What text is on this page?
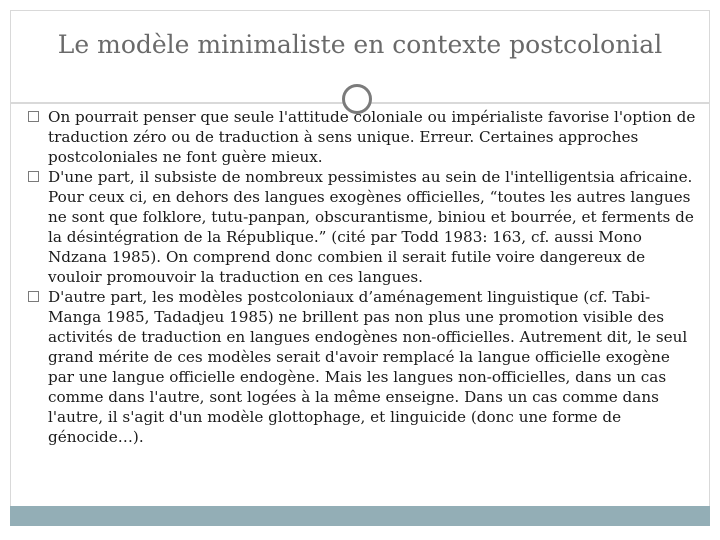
Le modèle minimaliste en contexte postcolonial
On pourrait penser que seule l'attitude coloniale ou impérialiste favorise l'option de traduction zéro ou de traduction à sens unique. Erreur. Certaines approches postcoloniales ne font guère mieux.
D'une part, il subsiste de nombreux pessimistes au sein de l'intelligentsia africaine. Pour ceux ci, en dehors des langues exogènes officielles, “toutes les autres langues ne sont que folklore, tutu-panpan, obscurantisme, biniou et bourrée, et ferments de la désintégration de la République.” (cité par Todd 1983: 163, cf. aussi Mono Ndzana 1985). On comprend donc combien il serait futile voire dangereux de vouloir promouvoir la traduction en ces langues.
D'autre part, les modèles postcoloniaux d’aménagement linguistique (cf. Tabi-Manga 1985, Tadadjeu 1985) ne brillent pas non plus une promotion visible des activités de traduction en langues endogènes non-officielles. Autrement dit, le seul grand mérite de ces modèles serait d'avoir remplacé la langue officielle exogène par une langue officielle endogène. Mais les langues non-officielles, dans un cas comme dans l'autre, sont logées à la même enseigne. Dans un cas comme dans l'autre, il s'agit d'un modèle glottophage, et linguicide (donc une forme de génocide…).
